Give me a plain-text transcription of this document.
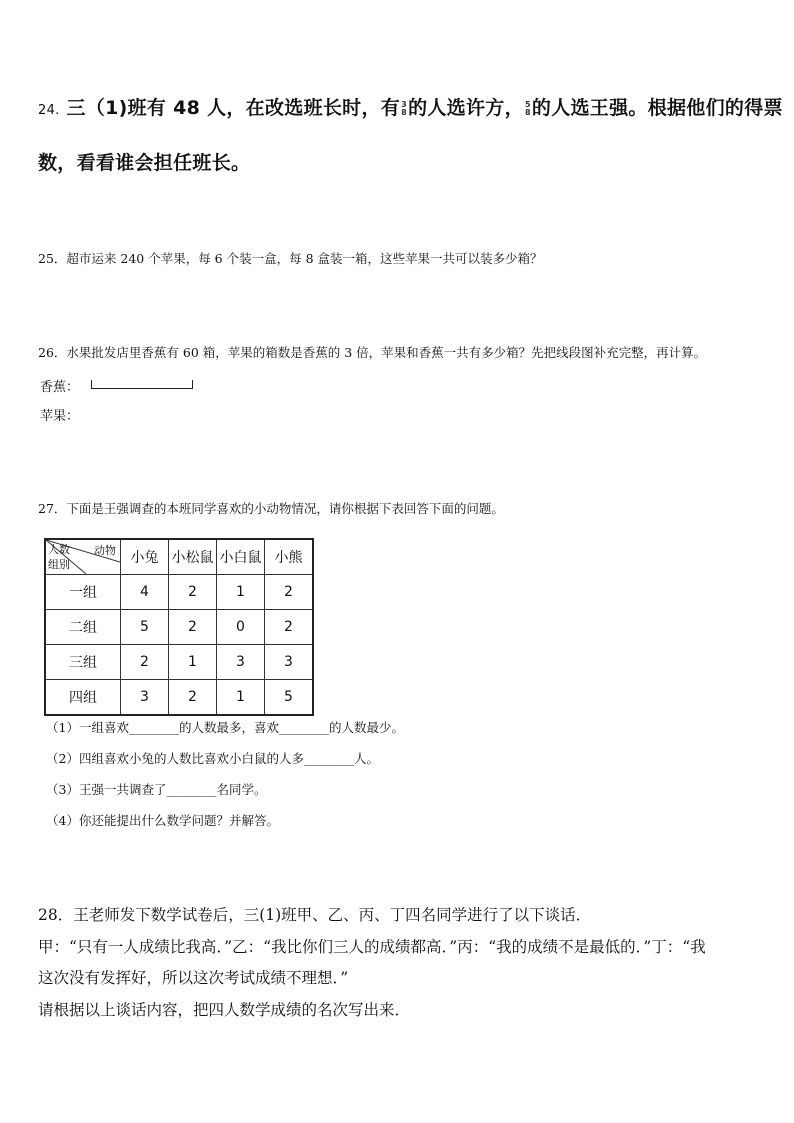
24. 三（1)班有 48 人，在改选班长时，有 3
8 的人选许方， 5
8 的人选王强。根据他们的得票
数，看看谁会担任班长。
25．超市运来 240 个苹果，每 6 个装一盒，每 8 盒装一箱，这些苹果一共可以装多少箱？
26．水果批发店里香蕉有 60 箱，苹果的箱数是香蕉的 3 倍，苹果和香蕉一共有多少箱？先把线段图补充完整，再计算。
香蕉：
苹果：
27．下面是王强调查的本班同学喜欢的小动物情况，请你根据下表回答下面的问题。
动物
人数
组别	小兔	小松鼠	小白鼠	小熊
一组	4	2	1	2
二组	5	2	0	2
三组	2	1	3	3
四组	3	2	1	5
（1）一组喜欢________的人数最多，喜欢________的人数最少。
（2）四组喜欢小兔的人数比喜欢小白鼠的人多________人。
（3）王强一共调查了________名同学。
（4）你还能提出什么数学问题？并解答。
28．王老师发下数学试卷后，三(1)班甲、乙、丙、丁四名同学进行了以下谈话．
甲：“只有一人成绩比我高．”乙：“我比你们三人的成绩都高．”丙：“我的成绩不是最低的．”丁：“我
这次没有发挥好，所以这次考试成绩不理想．”
请根据以上谈话内容，把四人数学成绩的名次写出来．
